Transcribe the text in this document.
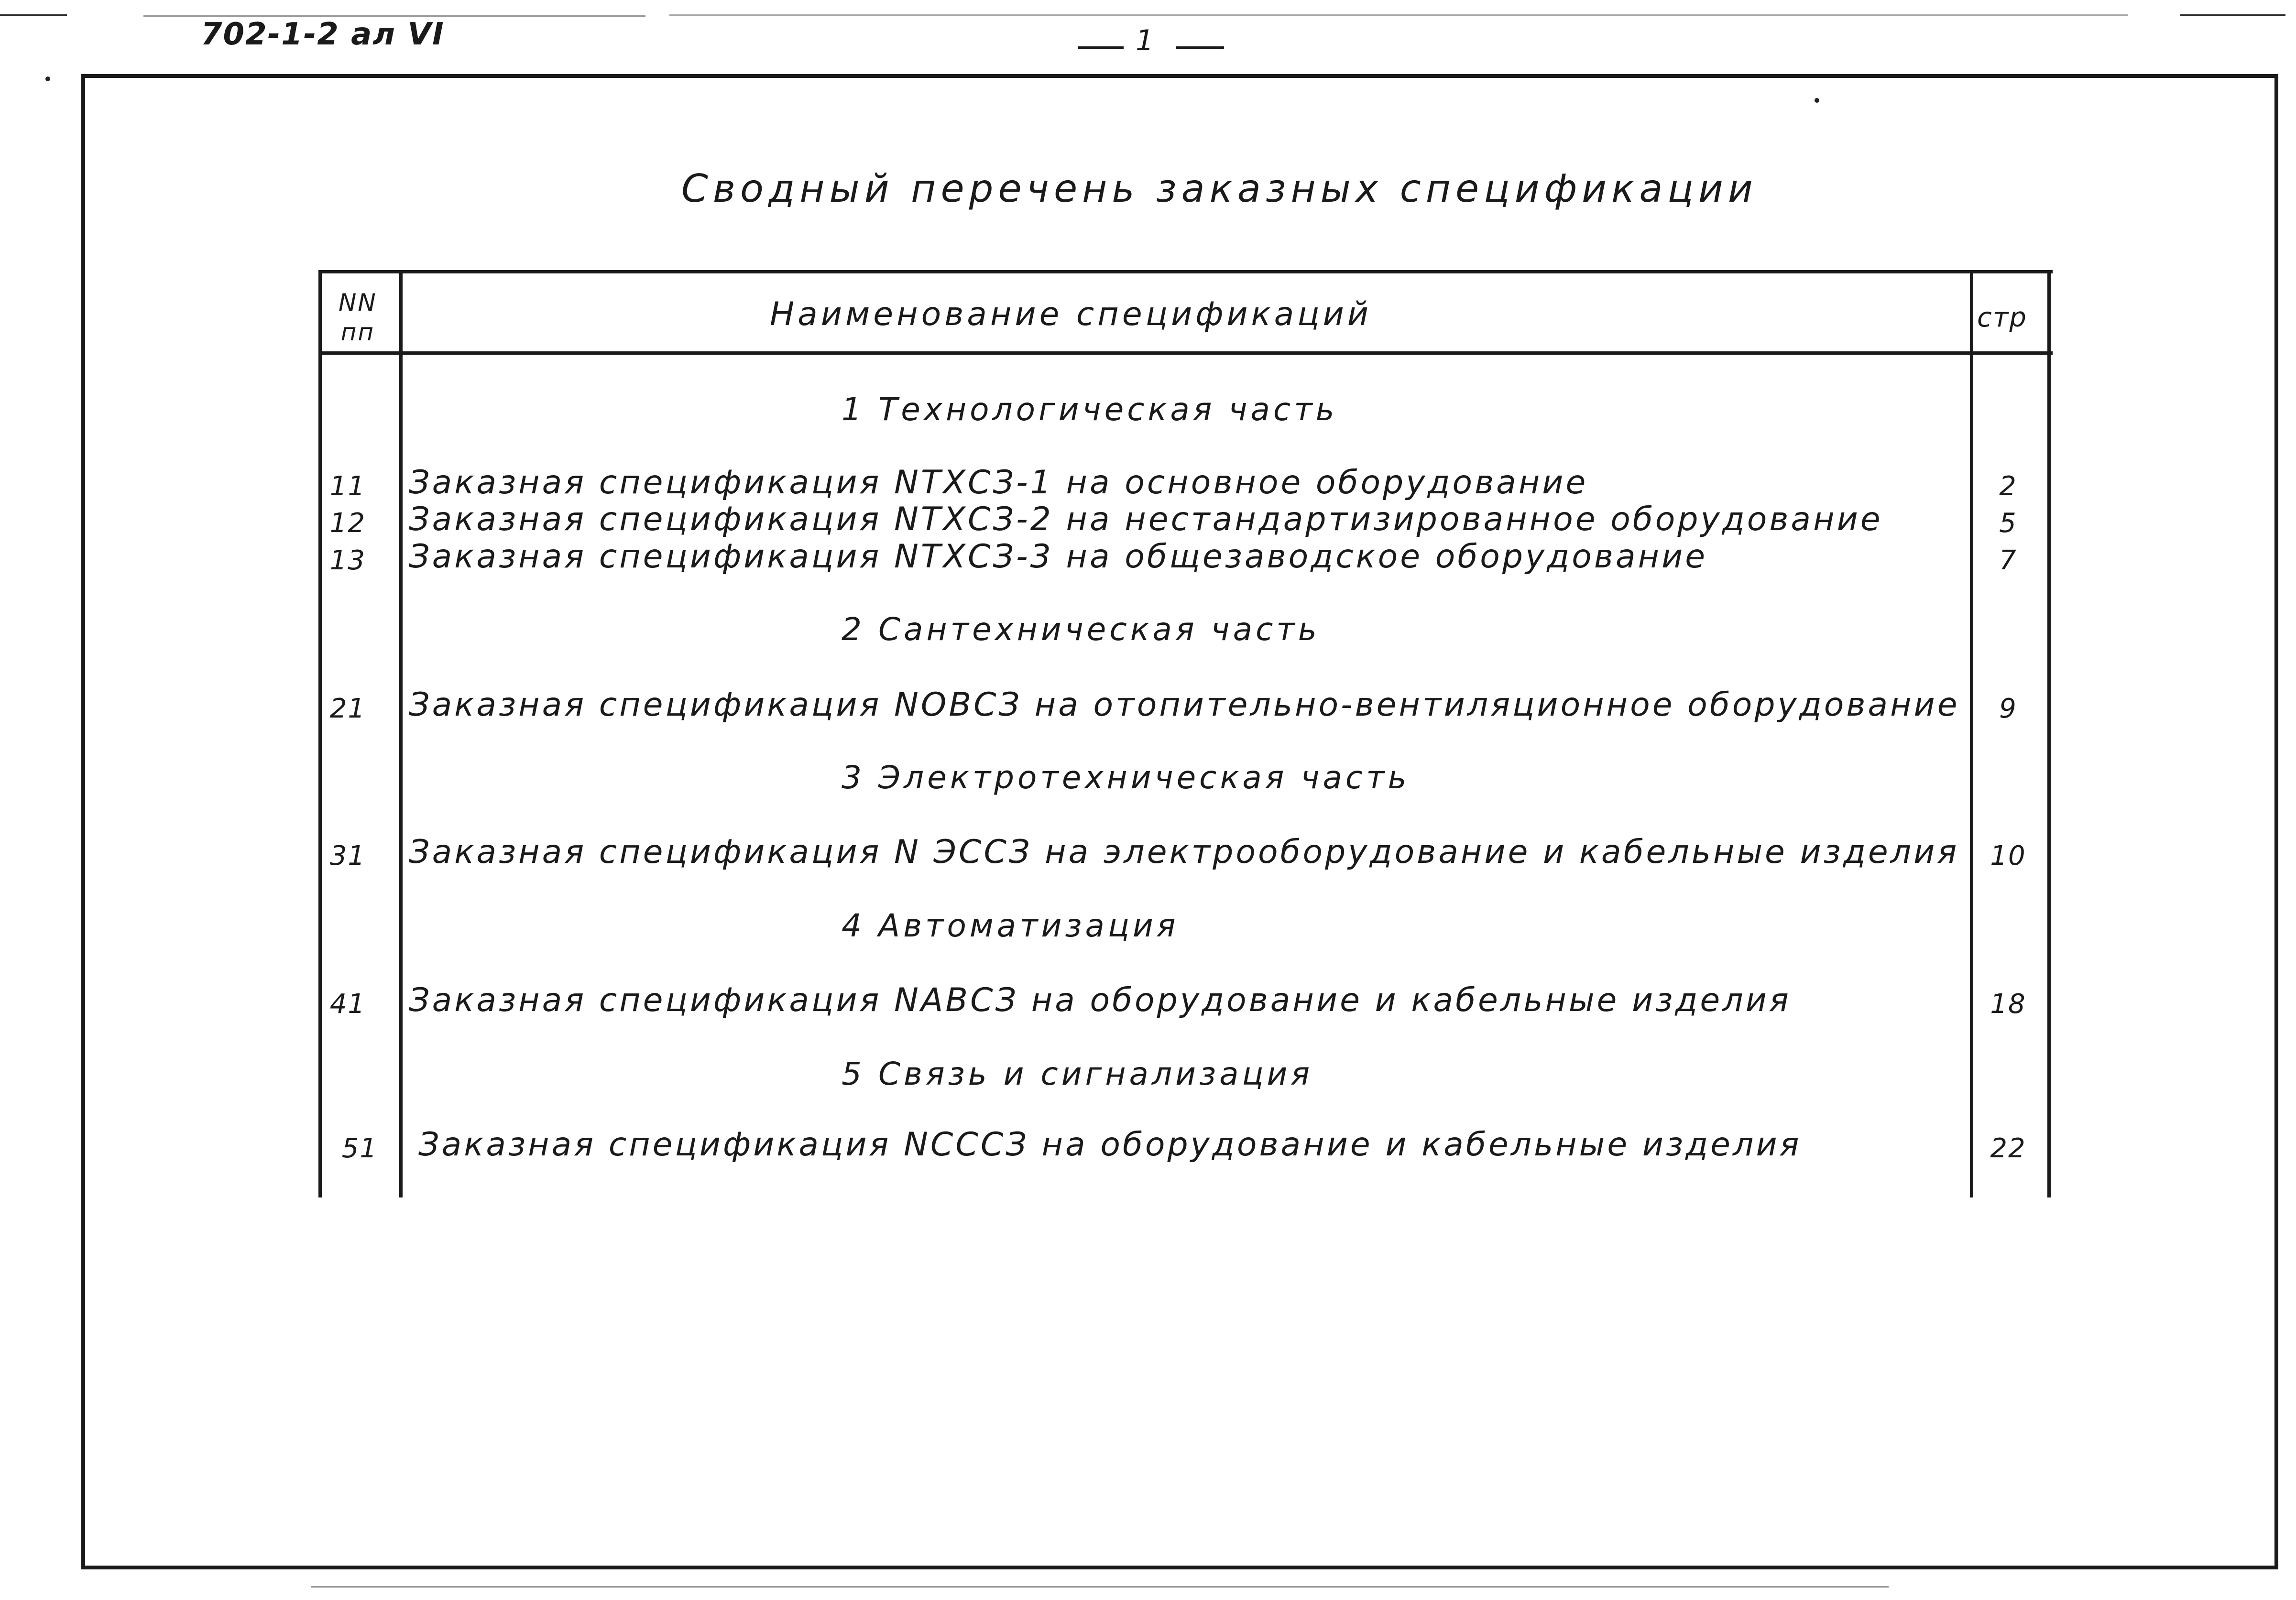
702-1-2 ал VI	1
Сводный перечень заказных спецификации
NN
пп	Наименование спецификаций	стр
1 Технологическая часть
11 Заказная спецификация NТХСЗ-1 на основное оборудование	2
12 Заказная спецификация NТХСЗ-2 на нестандартизированное оборудование	5
13 Заказная спецификация NТХСЗ-3 на общезаводское оборудование	7
2 Сантехническая часть
21 Заказная спецификация NОВСЗ на отопительно-вентиляционное оборудование	9
3 Электротехническая часть
31 Заказная спецификация N ЭССЗ на электрооборудование и кабельные изделия	10
4 Автоматизация
41 Заказная спецификация NАВСЗ на оборудование и кабельные изделия	18
5 Связь и сигнализация
51 Заказная спецификация NСССЗ на оборудование и кабельные изделия	22
